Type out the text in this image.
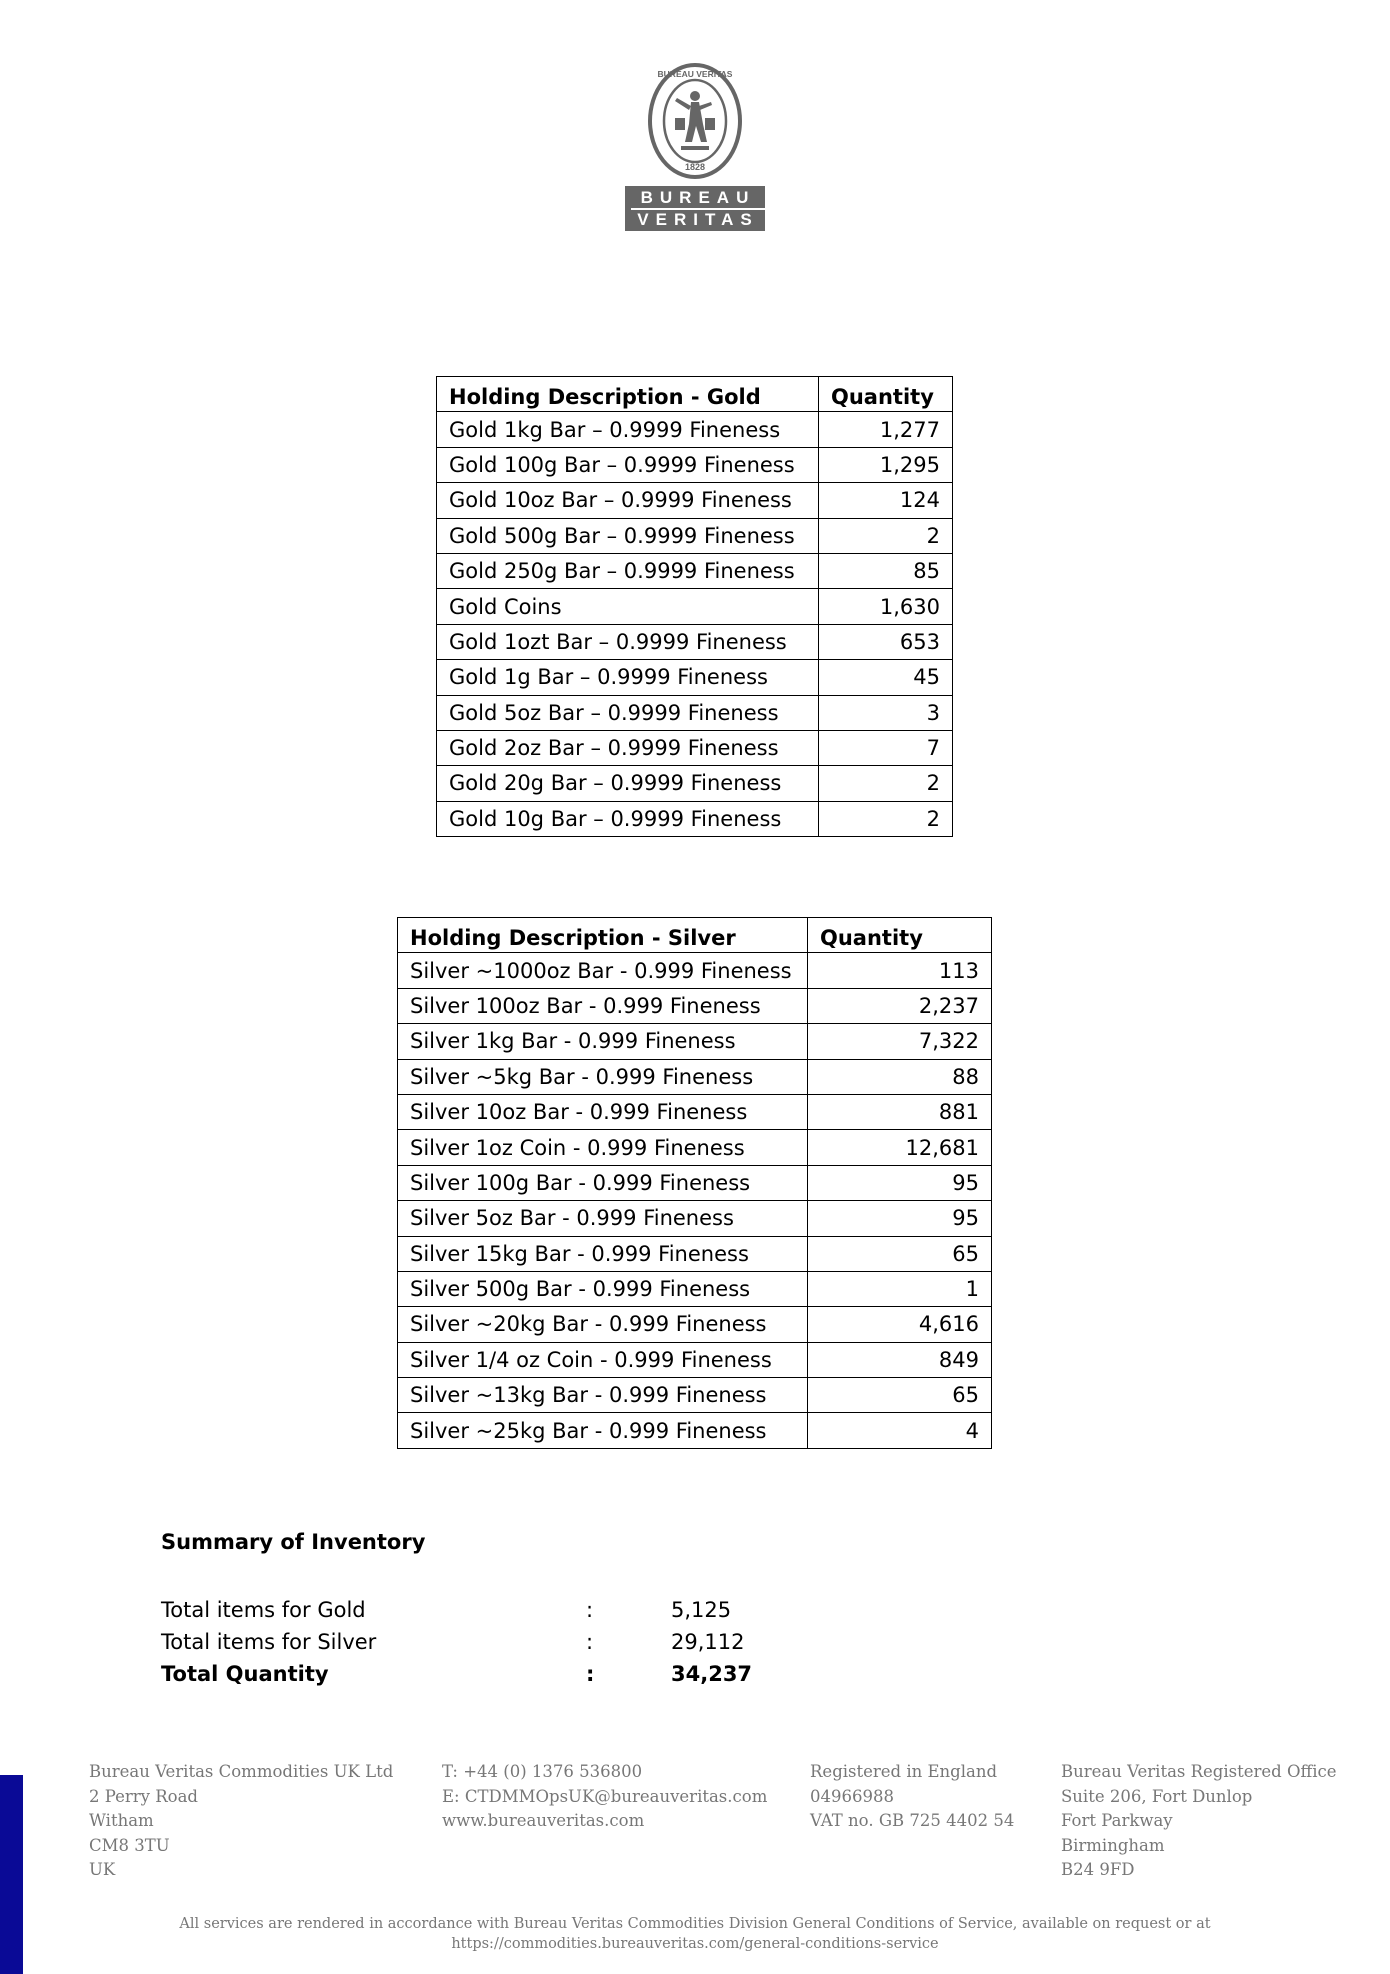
BUREAU VERITAS
1828
BUREAU
VERITAS
Holding Description - Gold	Quantity
Gold 1kg Bar – 0.9999 Fineness	1,277
Gold 100g Bar – 0.9999 Fineness	1,295
Gold 10oz Bar – 0.9999 Fineness	124
Gold 500g Bar – 0.9999 Fineness	2
Gold 250g Bar – 0.9999 Fineness	85
Gold Coins	1,630
Gold 1ozt Bar – 0.9999 Fineness	653
Gold 1g Bar – 0.9999 Fineness	45
Gold 5oz Bar – 0.9999 Fineness	3
Gold 2oz Bar – 0.9999 Fineness	7
Gold 20g Bar – 0.9999 Fineness	2
Gold 10g Bar – 0.9999 Fineness	2
Holding Description - Silver	Quantity
Silver ~1000oz Bar - 0.999 Fineness	113
Silver 100oz Bar - 0.999 Fineness	2,237
Silver 1kg Bar - 0.999 Fineness	7,322
Silver ~5kg Bar - 0.999 Fineness	88
Silver 10oz Bar - 0.999 Fineness	881
Silver 1oz Coin - 0.999 Fineness	12,681
Silver 100g Bar - 0.999 Fineness	95
Silver 5oz Bar - 0.999 Fineness	95
Silver 15kg Bar - 0.999 Fineness	65
Silver 500g Bar - 0.999 Fineness	1
Silver ~20kg Bar - 0.999 Fineness	4,616
Silver 1/4 oz Coin - 0.999 Fineness	849
Silver ~13kg Bar - 0.999 Fineness	65
Silver ~25kg Bar - 0.999 Fineness	4
Summary of Inventory
Total items for Gold	:	5,125
Total items for Silver	:	29,112
Total Quantity	:	34,237
Bureau Veritas Commodities UK Ltd
2 Perry Road
Witham
CM8 3TU
UK
T: +44 (0) 1376 536800
E: CTDMMOpsUK@bureauveritas.com
www.bureauveritas.com
Registered in England
04966988
VAT no. GB 725 4402 54
Bureau Veritas Registered Office
Suite 206, Fort Dunlop
Fort Parkway
Birmingham
B24 9FD
All services are rendered in accordance with Bureau Veritas Commodities Division General Conditions of Service, available on request or at
https://commodities.bureauveritas.com/general-conditions-service
